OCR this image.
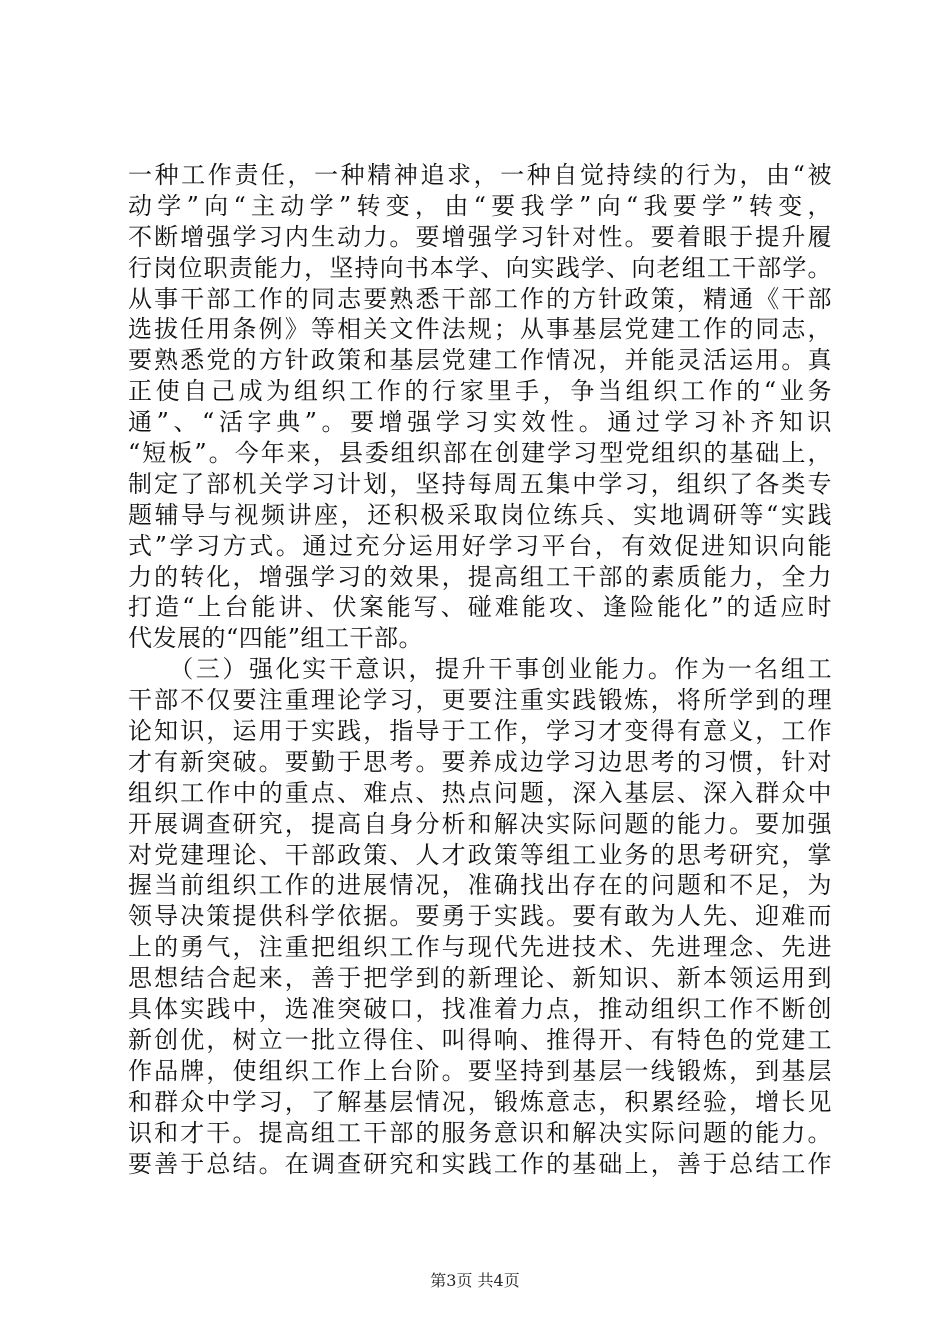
一种工作责任，一种精神追求，一种自觉持续的行为，由“被
动学”向“主动学”转变，由“要我学”向“我要学”转变，
不断增强学习内生动力。要增强学习针对性。要着眼于提升履
行岗位职责能力，坚持向书本学、向实践学、向老组工干部学。
从事干部工作的同志要熟悉干部工作的方针政策，精通《干部
选拔任用条例》等相关文件法规；从事基层党建工作的同志，
要熟悉党的方针政策和基层党建工作情况，并能灵活运用。真
正使自己成为组织工作的行家里手，争当组织工作的“业务
通”、“活字典”。要增强学习实效性。通过学习补齐知识
“短板”。今年来，县委组织部在创建学习型党组织的基础上，
制定了部机关学习计划，坚持每周五集中学习，组织了各类专
题辅导与视频讲座，还积极采取岗位练兵、实地调研等“实践
式”学习方式。通过充分运用好学习平台，有效促进知识向能
力的转化，增强学习的效果，提高组工干部的素质能力，全力
打造“上台能讲、伏案能写、碰难能攻、逢险能化”的适应时
代发展的“四能”组工干部。
　　（三）强化实干意识，提升干事创业能力。作为一名组工
干部不仅要注重理论学习，更要注重实践锻炼，将所学到的理
论知识，运用于实践，指导于工作，学习才变得有意义，工作
才有新突破。要勤于思考。要养成边学习边思考的习惯，针对
组织工作中的重点、难点、热点问题，深入基层、深入群众中
开展调查研究，提高自身分析和解决实际问题的能力。要加强
对党建理论、干部政策、人才政策等组工业务的思考研究，掌
握当前组织工作的进展情况，准确找出存在的问题和不足，为
领导决策提供科学依据。要勇于实践。要有敢为人先、迎难而
上的勇气，注重把组织工作与现代先进技术、先进理念、先进
思想结合起来，善于把学到的新理论、新知识、新本领运用到
具体实践中，选准突破口，找准着力点，推动组织工作不断创
新创优，树立一批立得住、叫得响、推得开、有特色的党建工
作品牌，使组织工作上台阶。要坚持到基层一线锻炼，到基层
和群众中学习，了解基层情况，锻炼意志，积累经验，增长见
识和才干。提高组工干部的服务意识和解决实际问题的能力。
要善于总结。在调查研究和实践工作的基础上，善于总结工作
第3页 共4页
